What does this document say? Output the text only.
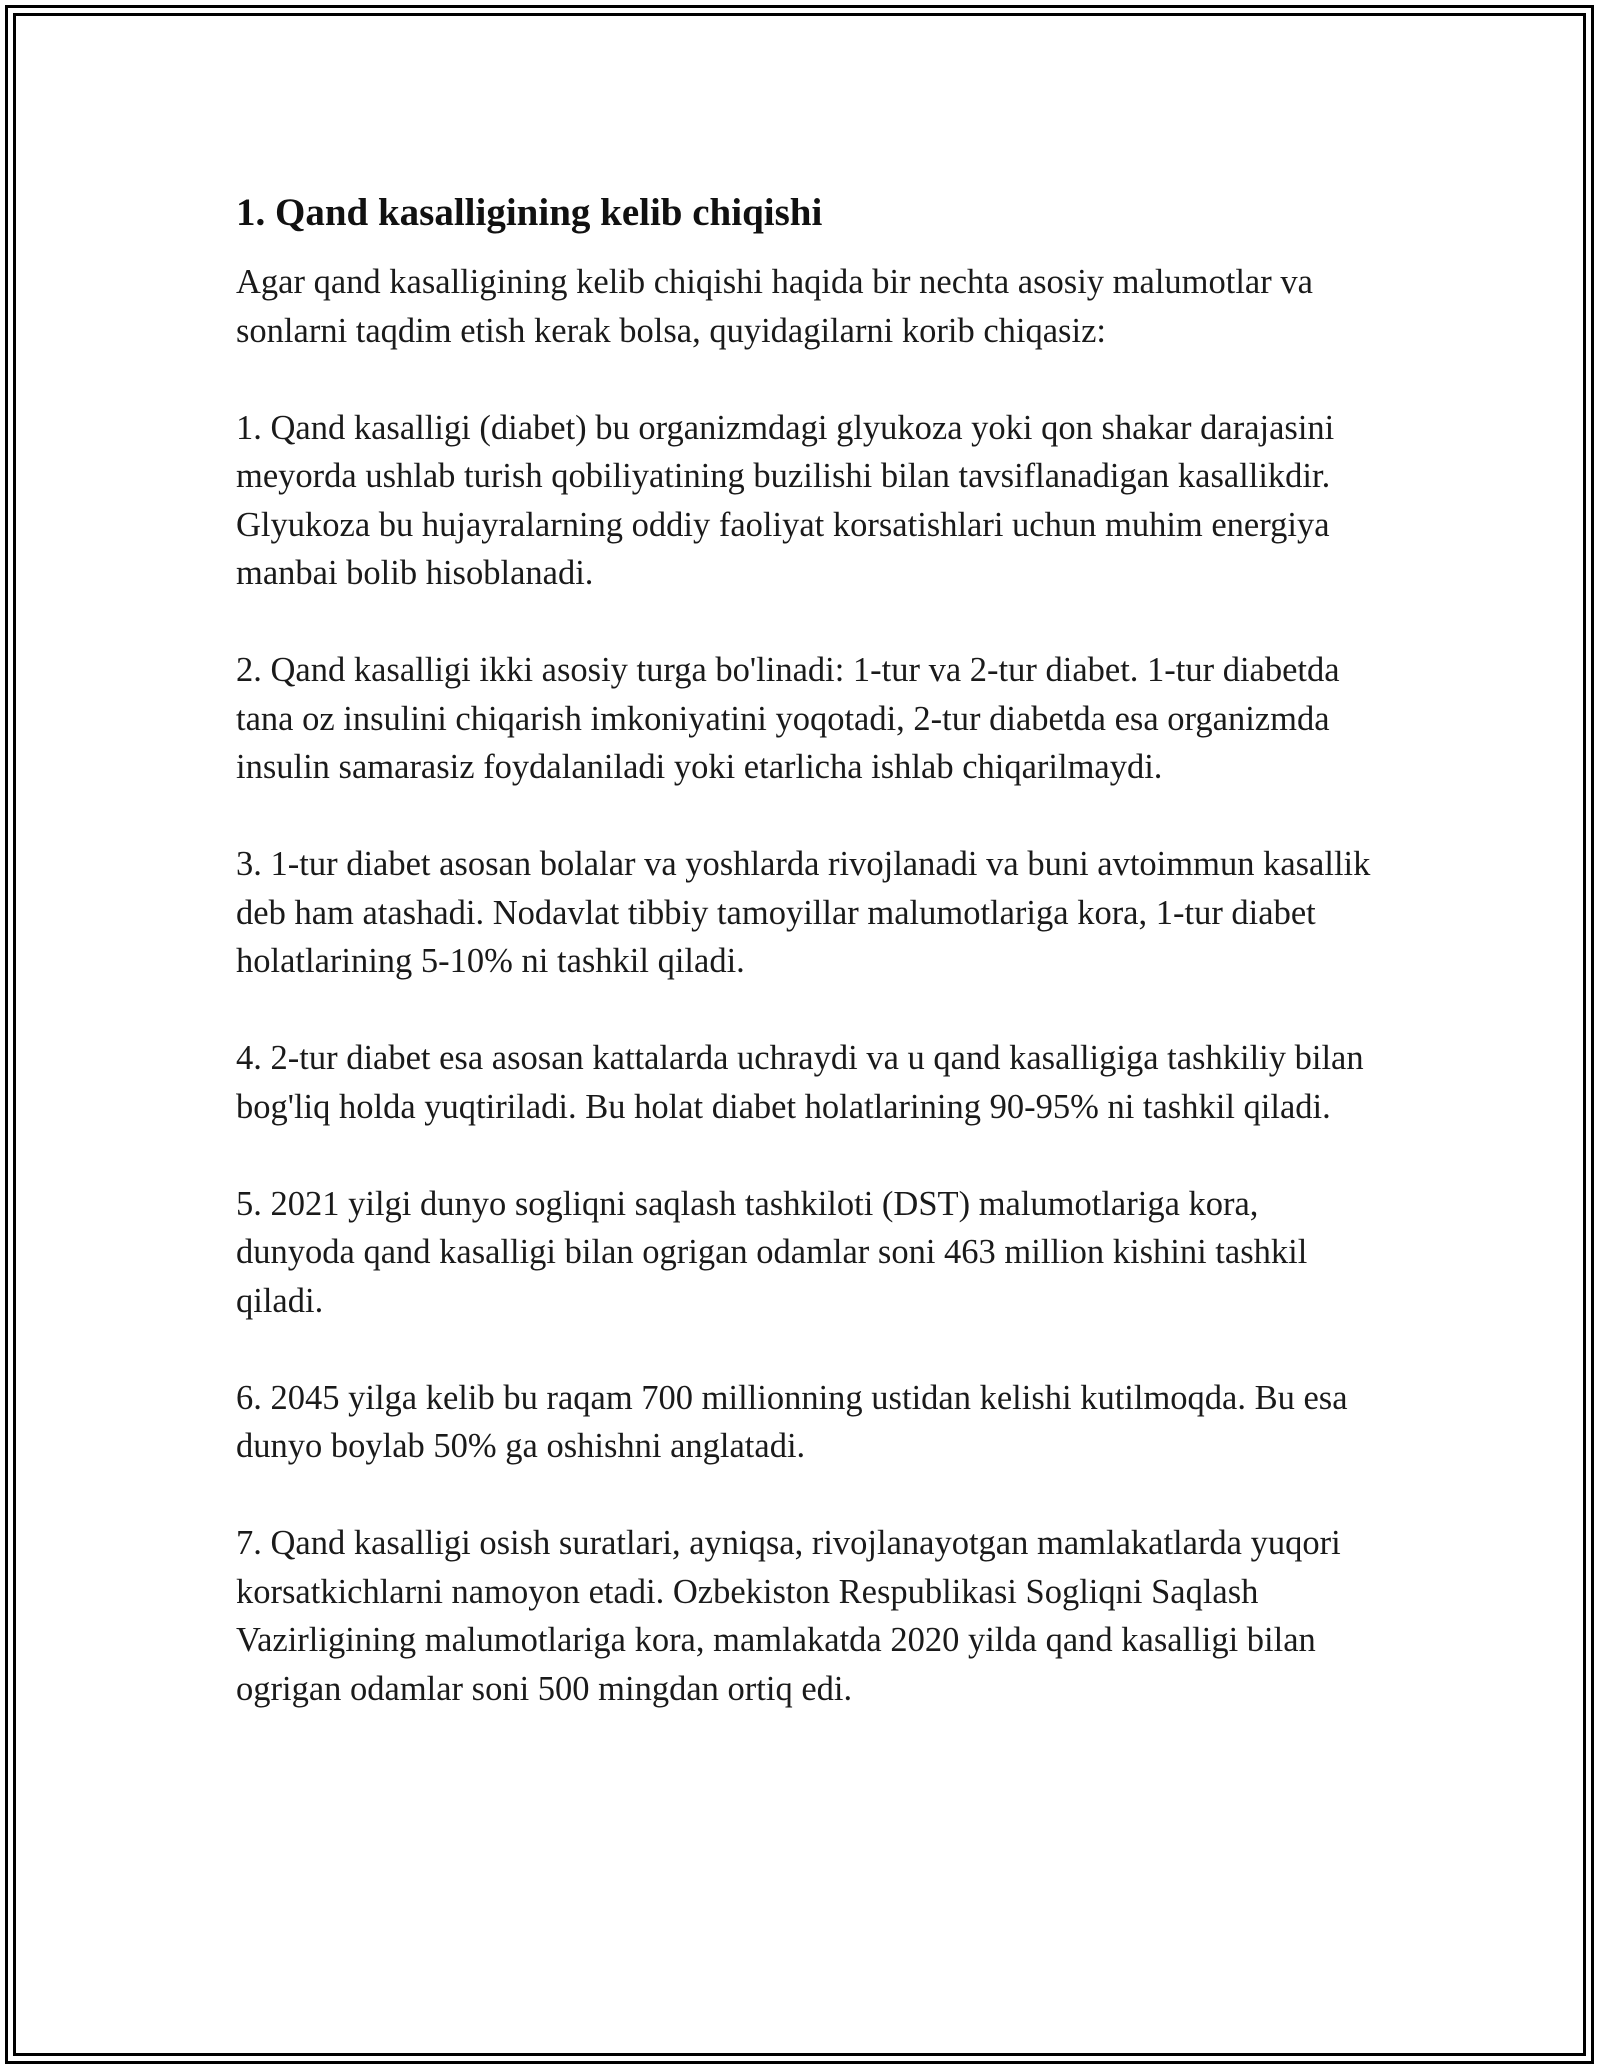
1. Qand kasalligining kelib chiqishi

Agar qand kasalligining kelib chiqishi haqida bir nechta asosiy malumotlar va sonlarni taqdim etish kerak bolsa, quyidagilarni korib chiqasiz:

1. Qand kasalligi (diabet) bu organizmdagi glyukoza yoki qon shakar darajasini meyorda ushlab turish qobiliyatining buzilishi bilan tavsiflanadigan kasallikdir. Glyukoza bu hujayralarning oddiy faoliyat korsatishlari uchun muhim energiya manbai bolib hisoblanadi.

2. Qand kasalligi ikki asosiy turga bo'linadi: 1-tur va 2-tur diabet. 1-tur diabetda tana oz insulini chiqarish imkoniyatini yoqotadi, 2-tur diabetda esa organizmda insulin samarasiz foydalaniladi yoki etarlicha ishlab chiqarilmaydi.

3. 1-tur diabet asosan bolalar va yoshlarda rivojlanadi va buni avtoimmun kasallik deb ham atashadi. Nodavlat tibbiy tamoyillar malumotlariga kora, 1-tur diabet holatlarining 5-10% ni tashkil qiladi.

4. 2-tur diabet esa asosan kattalarda uchraydi va u qand kasalligiga tashkiliy bilan bog'liq holda yuqtiriladi. Bu holat diabet holatlarining 90-95% ni tashkil qiladi.

5. 2021 yilgi dunyo sogliqni saqlash tashkiloti (DST) malumotlariga kora, dunyoda qand kasalligi bilan ogrigan odamlar soni 463 million kishini tashkil qiladi.

6. 2045 yilga kelib bu raqam 700 millionning ustidan kelishi kutilmoqda. Bu esa dunyo boylab 50% ga oshishni anglatadi.

7. Qand kasalligi osish suratlari, ayniqsa, rivojlanayotgan mamlakatlarda yuqori korsatkichlarni namoyon etadi. Ozbekiston Respublikasi Sogliqni Saqlash Vazirligining malumotlariga kora, mamlakatda 2020 yilda qand kasalligi bilan ogrigan odamlar soni 500 mingdan ortiq edi.
